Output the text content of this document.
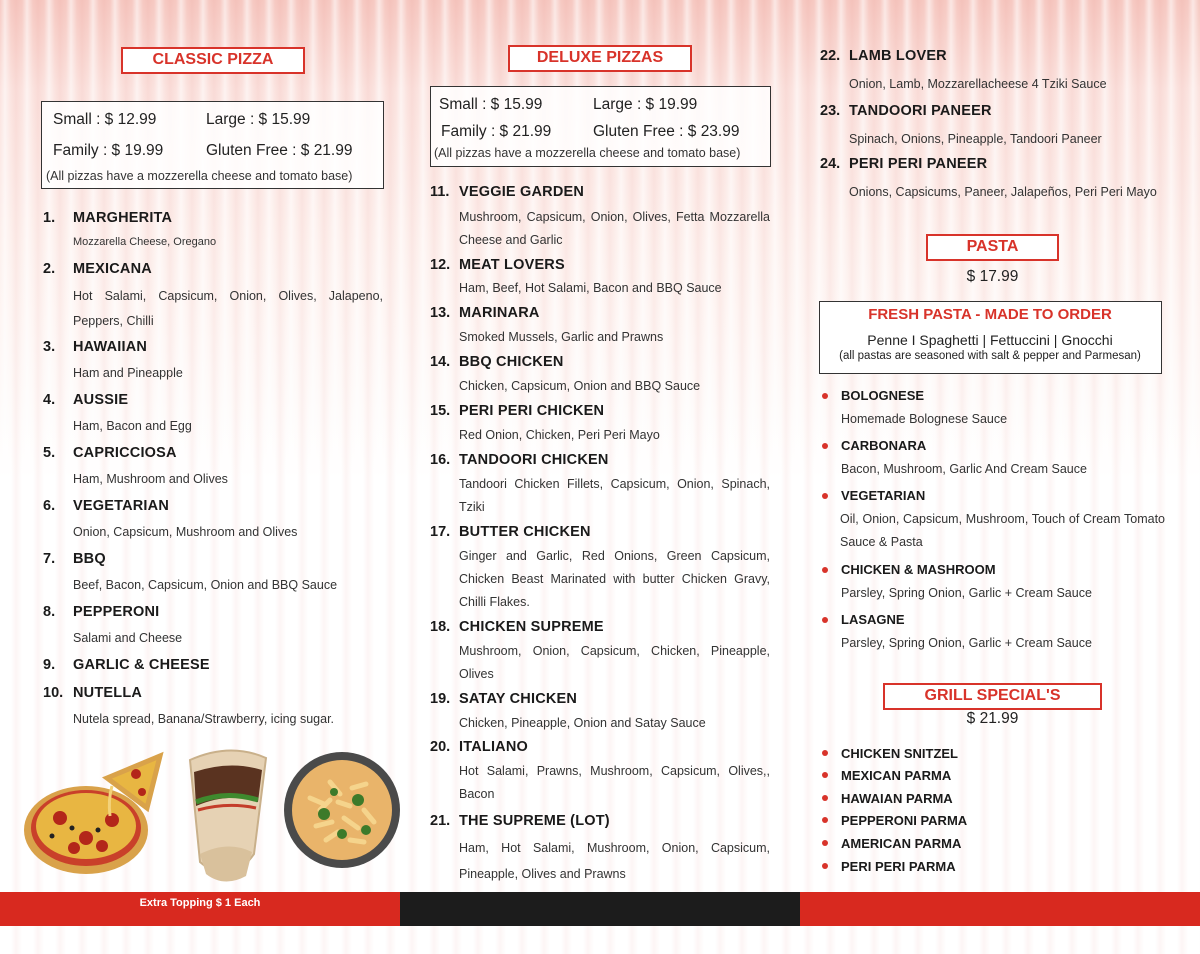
CLASSIC PIZZA
Small : $ 12.99	Large : $ 15.99
Family : $ 19.99	Gluten Free : $ 21.99
(All pizzas have a mozzerella cheese and tomato base)
1. MARGHERITA
Mozzarella Cheese, Oregano
2. MEXICANA
Hot Salami, Capsicum, Onion, Olives, Jalapeno, Peppers, Chilli
3. HAWAIIAN
Ham and Pineapple
4. AUSSIE
Ham, Bacon and Egg
5. CAPRICCIOSA
Ham, Mushroom and Olives
6. VEGETARIAN
Onion, Capsicum, Mushroom and Olives
7. BBQ
Beef, Bacon, Capsicum, Onion and BBQ Sauce
8. PEPPERONI
Salami and Cheese
9. GARLIC & CHEESE
10. NUTELLA
Nutela spread, Banana/Strawberry, icing sugar.
DELUXE PIZZAS
Small : $ 15.99	Large : $ 19.99
Family : $ 21.99	Gluten Free : $ 23.99
(All pizzas have a mozzerella cheese and tomato base)
11. VEGGIE GARDEN
Mushroom, Capsicum, Onion, Olives, Fetta Mozzarella Cheese and Garlic
12. MEAT LOVERS
Ham, Beef, Hot Salami, Bacon and BBQ Sauce
13. MARINARA
Smoked Mussels, Garlic and Prawns
14. BBQ CHICKEN
Chicken, Capsicum, Onion and BBQ Sauce
15. PERI PERI CHICKEN
Red Onion, Chicken, Peri Peri Mayo
16. TANDOORI CHICKEN
Tandoori Chicken Fillets, Capsicum, Onion, Spinach, Tziki
17. BUTTER CHICKEN
Ginger and Garlic, Red Onions, Green Capsicum, Chicken Beast Marinated with butter Chicken Gravy, Chilli Flakes.
18. CHICKEN SUPREME
Mushroom, Onion, Capsicum, Chicken, Pineapple, Olives
19. SATAY CHICKEN
Chicken, Pineapple, Onion and Satay Sauce
20. ITALIANO
Hot Salami, Prawns, Mushroom, Capsicum, Olives,, Bacon
21. THE SUPREME (LOT)
Ham, Hot Salami, Mushroom, Onion, Capsicum, Pineapple, Olives and Prawns
22. LAMB LOVER
Onion, Lamb, Mozzarellacheese 4 Tziki Sauce
23. TANDOORI PANEER
Spinach, Onions, Pineapple, Tandoori Paneer
24. PERI PERI PANEER
Onions, Capsicums, Paneer, Jalapeños, Peri Peri Mayo
PASTA
$ 17.99
FRESH PASTA - MADE TO ORDER
Penne I Spaghetti | Fettuccini | Gnocchi
(all pastas are seasoned with salt & pepper and Parmesan)
BOLOGNESE
Homemade Bolognese Sauce
CARBONARA
Bacon, Mushroom, Garlic And Cream Sauce
VEGETARIAN
Oil, Onion, Capsicum, Mushroom, Touch of Cream Tomato Sauce & Pasta
CHICKEN & MASHROOM
Parsley, Spring Onion, Garlic + Cream Sauce
LASAGNE
Parsley, Spring Onion, Garlic + Cream Sauce
GRILL SPECIAL'S
$ 21.99
CHICKEN SNITZEL
MEXICAN PARMA
HAWAIAN PARMA
PEPPERONI PARMA
AMERICAN PARMA
PERI PERI PARMA
Extra Topping $ 1 Each
